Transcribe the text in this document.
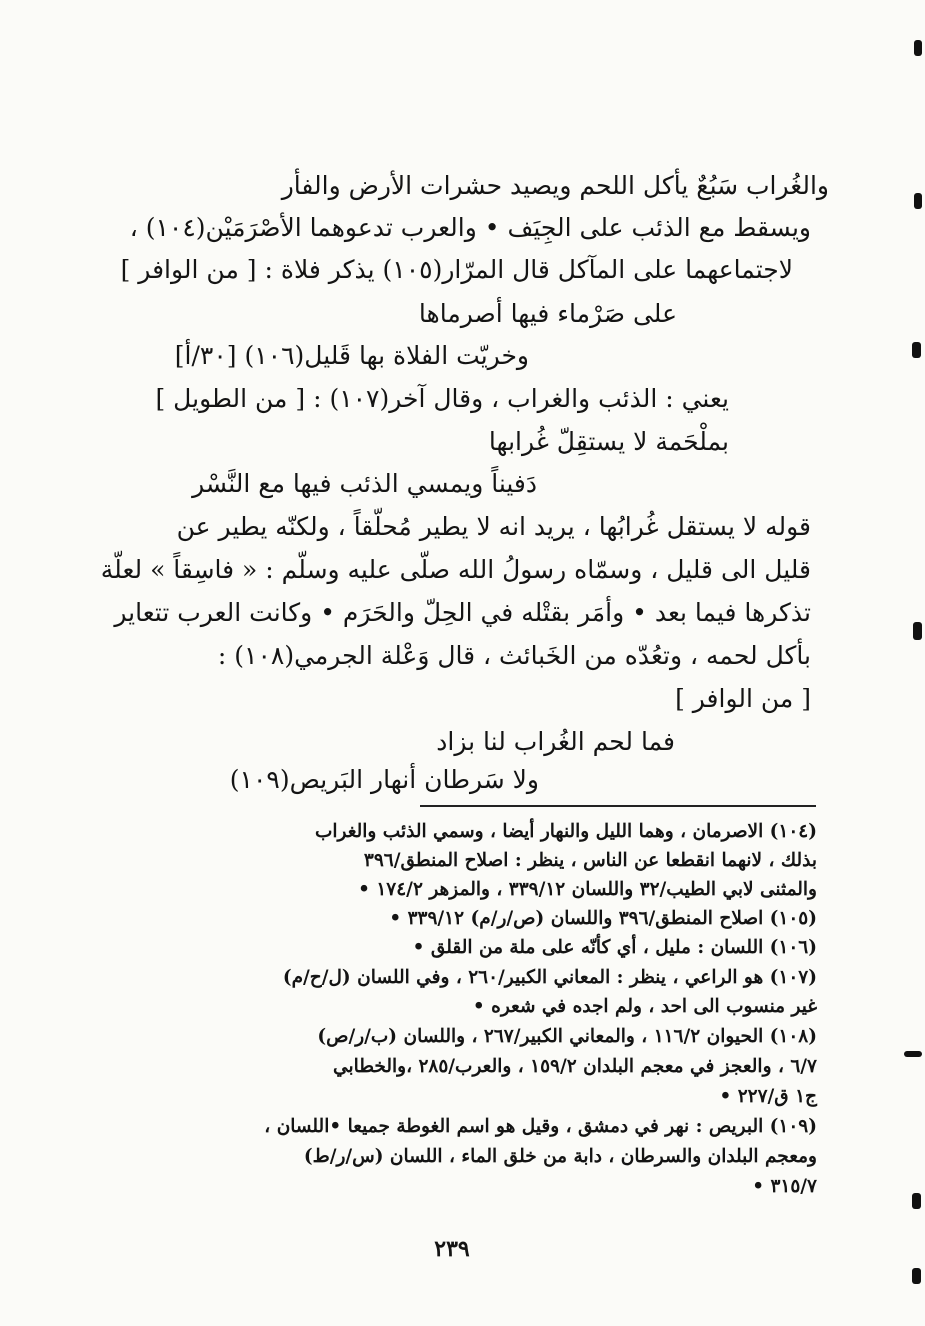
والغُراب سَبُعٌ يأكل اللحم ويصيد حشرات الأرض والفأر
ويسقط مع الذئب على الجِيَف • والعرب تدعوهما الأصْرَمَيْن(١٠٤) ،
لاجتماعهما على المآكل قال المرّار(١٠٥) يذكر فلاة : [ من الوافر ]
على صَرْماء فيها أصرماها
وخريّت الفلاة بها قَليل(١٠٦) [٣٠/أ]
يعني : الذئب والغراب ، وقال آخر(١٠٧) : [ من الطويل ]
بملْحَمة لا يستقِلّ غُرابها
دَفيناً ويمسي الذئب فيها مع النَّسْر
قوله لا يستقل غُرابُها ، يريد انه لا يطير مُحلّقاً ، ولكنّه يطير عن
قليل الى قليل ، وسمّاه رسولُ الله صلّى عليه وسلّم : « فاسِقاً » لعلّة
تذكرها فيما بعد • وأمَر بقتْله في الحِلّ والحَرَم • وكانت العرب تتعاير
بأكل لحمه ، وتعُدّه من الخَبائث ، قال وَعْلة الجرمي(١٠٨) :
[ من الوافر ]
فما لحم الغُراب لنا بزاد
ولا سَرطان أنهار البَريص(١٠٩)
(١٠٤) الاصرمان ، وهما الليل والنهار أيضا ، وسمي الذئب والغراب
بذلك ، لانهما انقطعا عن الناس ، ينظر : اصلاح المنطق/٣٩٦
والمثنى لابي الطيب/٣٢ واللسان ٣٣٩/١٢ ، والمزهر ١٧٤/٢ •
(١٠٥) اصلاح المنطق/٣٩٦ واللسان (ص/ر/م) ٣٣٩/١٢ •
(١٠٦) اللسان : مليل ، أي كأنّه على ملة من القلق •
(١٠٧) هو الراعي ، ينظر : المعاني الكبير/٢٦٠ ، وفي اللسان (ل/ح/م)
غير منسوب الى احد ، ولم اجده في شعره •
(١٠٨) الحيوان ١١٦/٢ ، والمعاني الكبير/٢٦٧ ، واللسان (ب/ر/ص)
٦/٧ ، والعجز في معجم البلدان ١٥٩/٢ ، والعرب/٢٨٥ ،والخطابي
ج١ ق/٢٢٧ •
(١٠٩) البريص : نهر في دمشق ، وقيل هو اسم الغوطة جميعا •اللسان ،
ومعجم البلدان والسرطان ، دابة من خلق الماء ، اللسان (س/ر/ط)
٣١٥/٧ •
٢٣٩
